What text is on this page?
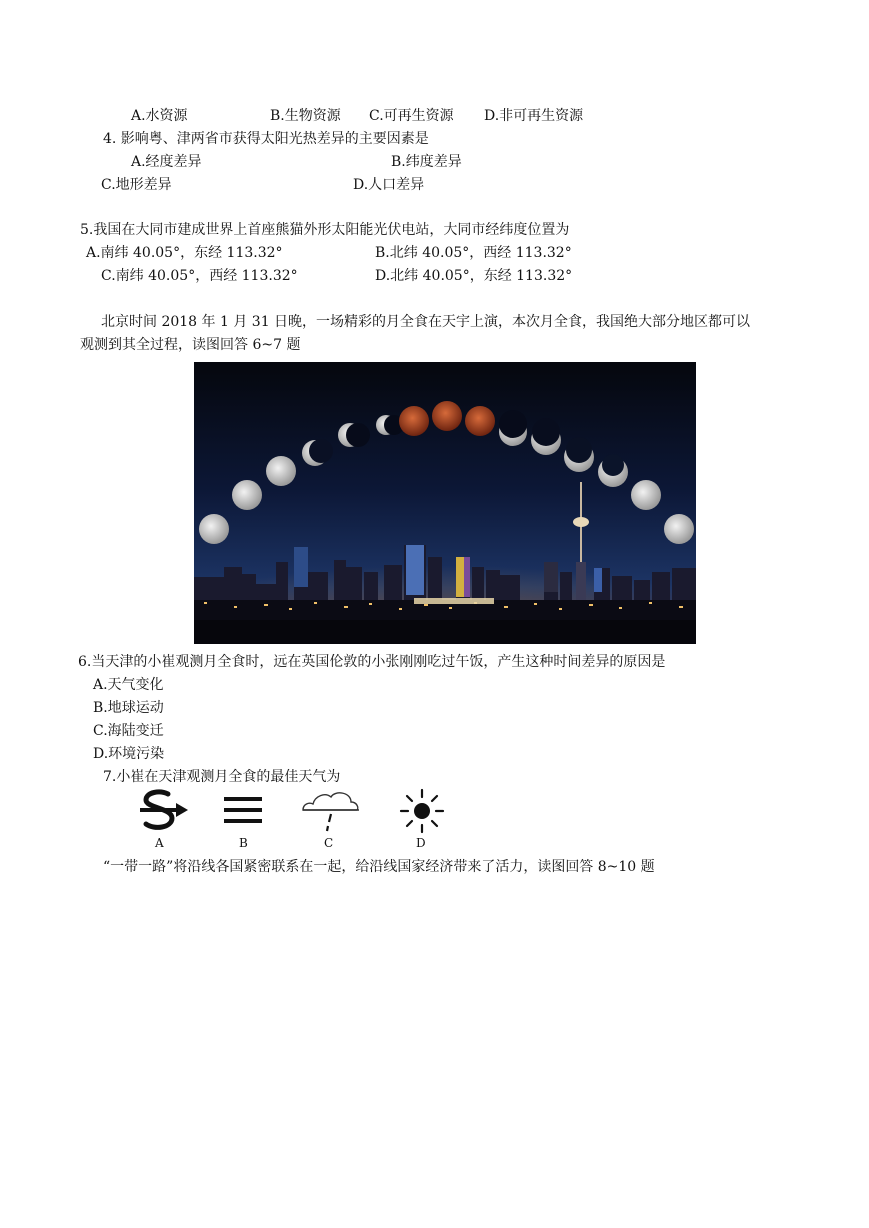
A.水资源	B.生物资源 C.可再生资源 D.非可再生资源
4. 影响粤、津两省市获得太阳光热差异的主要因素是
A.经度差异	B.纬度差异
C.地形差异	D.人口差异
5.我国在大同市建成世界上首座熊猫外形太阳能光伏电站，大同市经纬度位置为
A.南纬 40.05°，东经 113.32°	B.北纬 40.05°，西经 113.32°
C.南纬 40.05°，西经 113.32°	D.北纬 40.05°，东经 113.32°
北京时间 2018 年 1 月 31 日晚，一场精彩的月全食在天宇上演，本次月全食，我国绝大部分地区都可以
观测到其全过程，读图回答 6~7 题
6.当天津的小崔观测月全食时，远在英国伦敦的小张刚刚吃过午饭，产生这种时间差异的原因是
A.天气变化
B.地球运动
C.海陆变迁
D.环境污染
7.小崔在天津观测月全食的最佳天气为
A	B	C	D
“一带一路”将沿线各国紧密联系在一起，给沿线国家经济带来了活力，读图回答 8~10 题
